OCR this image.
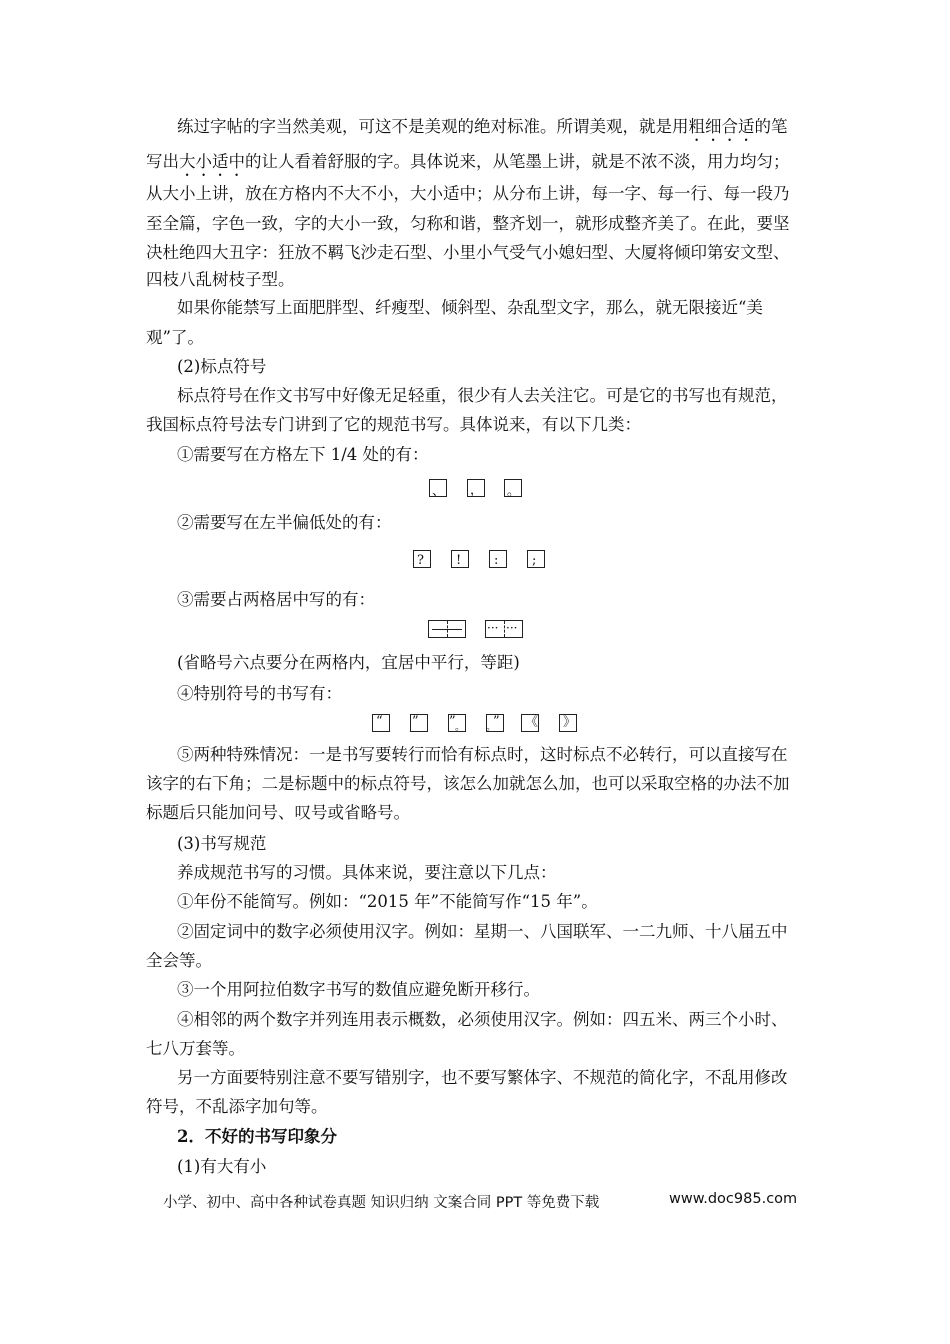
练过字帖的字当然美观，可这不是美观的绝对标准。所谓美观，就是用粗细合适的笔
写出大小适中的让人看着舒服的字。具体说来，从笔墨上讲，就是不浓不淡，用力均匀；
从大小上讲，放在方格内不大不小，大小适中；从分布上讲，每一字、每一行、每一段乃
至全篇，字色一致，字的大小一致，匀称和谐，整齐划一，就形成整齐美了。在此，要坚
决杜绝四大丑字：狂放不羁飞沙走石型、小里小气受气小媳妇型、大厦将倾印第安文型、
四枝八乱树枝子型。
如果你能禁写上面肥胖型、纤瘦型、倾斜型、杂乱型文字，那么，就无限接近“美
观”了。
(2)标点符号
标点符号在作文书写中好像无足轻重，很少有人去关注它。可是它的书写也有规范，
我国标点符号法专门讲到了它的规范书写。具体说来，有以下几类：
①需要写在方格左下 1/4 处的有：
、 ， 。
②需要写在左半偏低处的有：
? !	:	;
③需要占两格居中写的有：
··· ···
(省略号六点要分在两格内，宜居中平行，等距)
④特别符号的书写有：
“ ” ” 。 。
” 《 》
⑤两种特殊情况：一是书写要转行而恰有标点时，这时标点不必转行，可以直接写在
该字的右下角；二是标题中的标点符号，该怎么加就怎么加，也可以采取空格的办法不加
标题后只能加问号、叹号或省略号。
(3)书写规范
养成规范书写的习惯。具体来说，要注意以下几点：
①年份不能简写。例如：“2015 年”不能简写作“15 年”。
②固定词中的数字必须使用汉字。例如：星期一、八国联军、一二九师、十八届五中
全会等。
③一个用阿拉伯数字书写的数值应避免断开移行。
④相邻的两个数字并列连用表示概数，必须使用汉字。例如：四五米、两三个小时、
七八万套等。
另一方面要特别注意不要写错别字，也不要写繁体字、不规范的简化字，不乱用修改
符号，不乱添字加句等。
2．不好的书写印象分
(1)有大有小
小学、初中、高中各种试卷真题 知识归纳 文案合同 PPT 等免费下载	www.doc985.com
